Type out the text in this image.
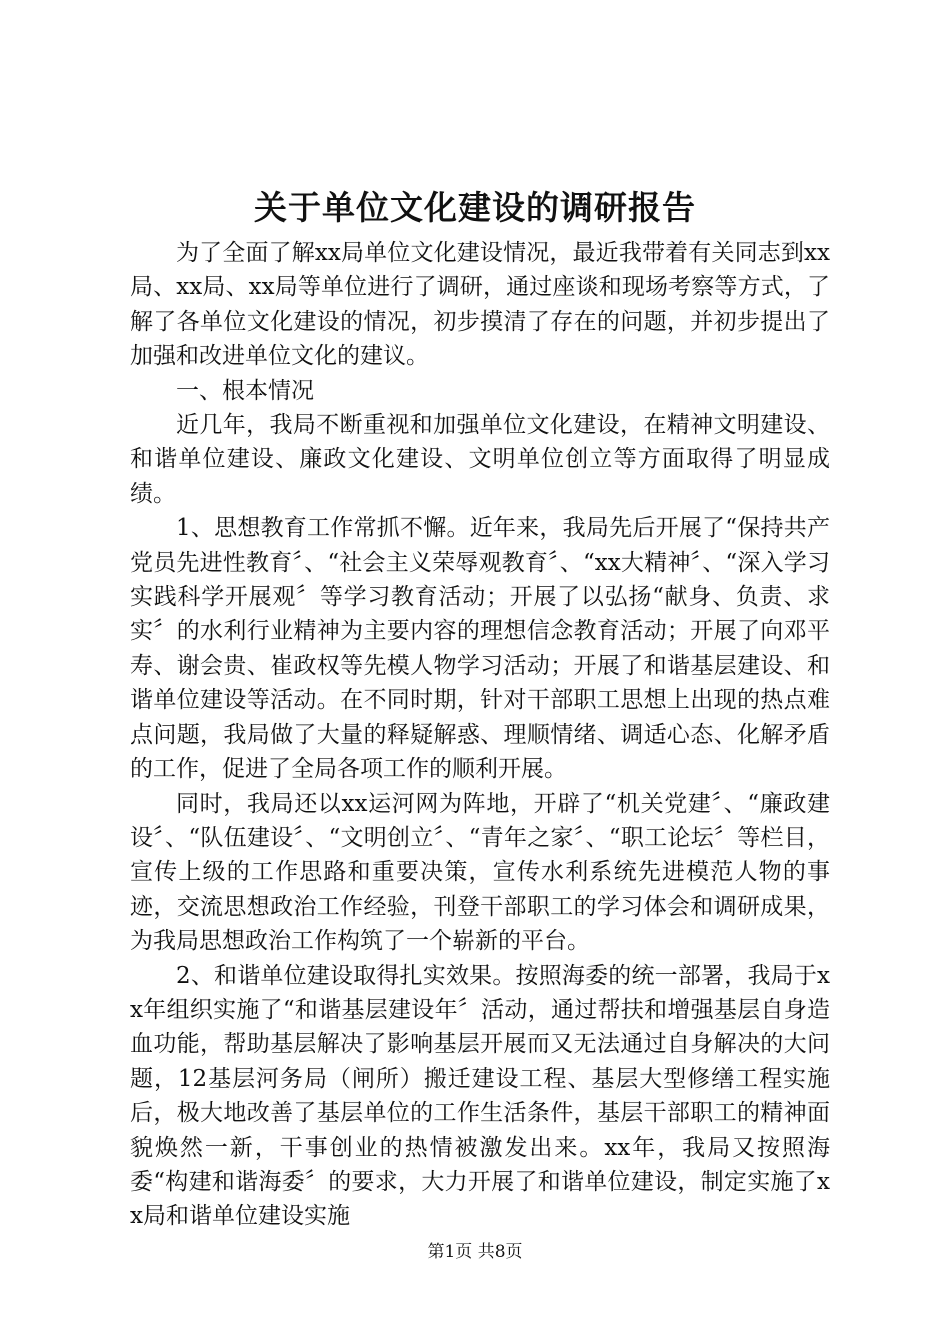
关于单位文化建设的调研报告

为了全面了解xx局单位文化建设情况，最近我带着有关同志到xx局、xx局、xx局等单位进行了调研，通过座谈和现场考察等方式，了解了各单位文化建设的情况，初步摸清了存在的问题，并初步提出了加强和改进单位文化的建议。

一、根本情况

近几年，我局不断重视和加强单位文化建设，在精神文明建设、和谐单位建设、廉政文化建设、文明单位创立等方面取得了明显成绩。

1、思想教育工作常抓不懈。近年来，我局先后开展了“保持共产党员先进性教育〞、“社会主义荣辱观教育〞、“xx大精神〞、“深入学习实践科学开展观〞等学习教育活动；开展了以弘扬“献身、负责、求实〞的水利行业精神为主要内容的理想信念教育活动；开展了向邓平寿、谢会贵、崔政权等先模人物学习活动；开展了和谐基层建设、和谐单位建设等活动。在不同时期，针对干部职工思想上出现的热点难点问题，我局做了大量的释疑解惑、理顺情绪、调适心态、化解矛盾的工作，促进了全局各项工作的顺利开展。

同时，我局还以xx运河网为阵地，开辟了“机关党建〞、“廉政建设〞、“队伍建设〞、“文明创立〞、“青年之家〞、“职工论坛〞等栏目，宣传上级的工作思路和重要决策，宣传水利系统先进模范人物的事迹，交流思想政治工作经验，刊登干部职工的学习体会和调研成果，为我局思想政治工作构筑了一个崭新的平台。

2、和谐单位建设取得扎实效果。按照海委的统一部署，我局于xx年组织实施了“和谐基层建设年〞活动，通过帮扶和增强基层自身造血功能，帮助基层解决了影响基层开展而又无法通过自身解决的大问题，12基层河务局（闸所）搬迁建设工程、基层大型修缮工程实施后，极大地改善了基层单位的工作生活条件，基层干部职工的精神面貌焕然一新，干事创业的热情被激发出来。xx年，我局又按照海委“构建和谐海委〞的要求，大力开展了和谐单位建设，制定实施了xx局和谐单位建设实施

第1页 共8页
